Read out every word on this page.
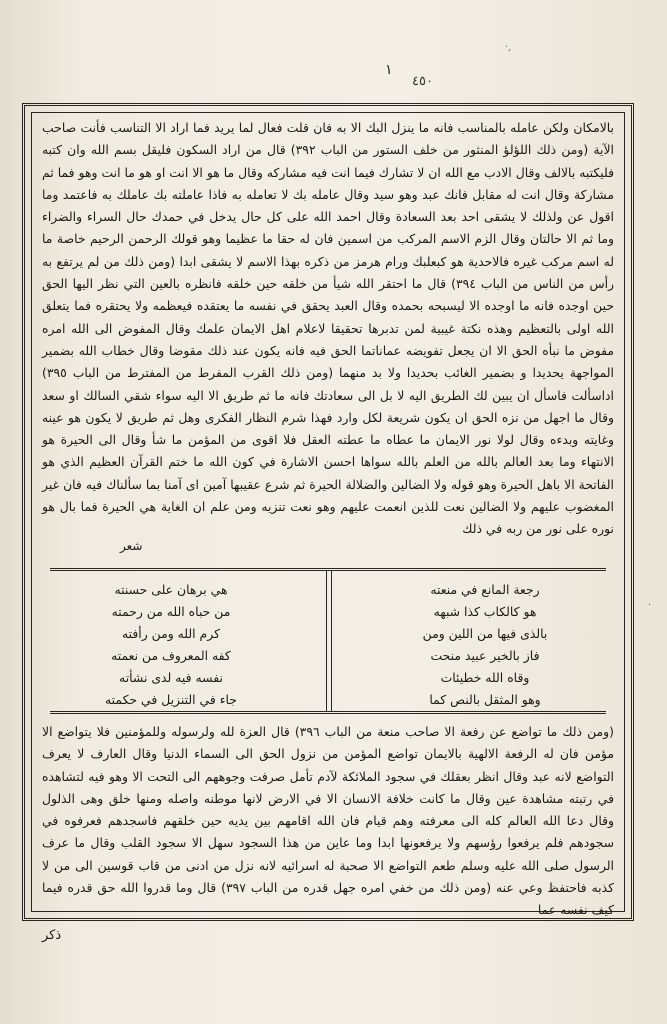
١
٤٥٠
·,
·
بالامكان ولكن عامله بالمناسب فانه ما ينزل البك الا به فان قلت فعال لما يريد فما اراد الا التناسب فأنت صاحب الآية (ومن ذلك اللؤلؤ المنثور من خلف الستور من الباب ٣٩٢) قال من اراد السكون فليقل بسم الله وان كتبه فليكتبه بالالف وقال الادب مع الله ان لا تشارك فيما انت فيه مشاركه وقال ما هو الا انت او هو ما انت وهو فما ثم مشاركة وقال انت له مقابل فانك عبد وهو سيد وقال عامله بك لا تعامله به فاذا عاملته بك عاملك به فاعتمد وما اقول عن ولذلك لا يشقى احد بعد السعادة وقال احمد الله على كل حال يدخل في حمدك حال السراء والضراء وما ثم الا حالتان وقال الزم الاسم المركب من اسمين فان له حقا ما عظيما وهو قولك الرحمن الرحيم خاصة ما له اسم مركب غيره فالاحدية هو كبعلبك ورام هرمز من ذكره بهذا الاسم لا يشقى ابدا (ومن ذلك من لم يرتفع به رأس من الناس من الباب ٣٩٤) قال ما احتقر الله شيأ من خلقه حين خلقه فانظره بالعين التي نظر اليها الحق حين اوجده فانه ما اوجده الا ليسبحه بحمده وقال العبد يحقق في نفسه ما يعتقده فيعظمه ولا يحتقره فما يتعلق الله اولى بالتعظيم وهذه نكتة غيبية لمن تدبرها تحقيقا لاعلام اهل الايمان علمك وقال المفوض الى الله امره مفوض ما نبأه الحق الا ان يجعل تفويضه عماناتما الحق فيه فانه يكون عند ذلك مقوضا وقال خطاب الله بضمير المواجهة يحديدا و بضمير الغائب بحديدا ولا بد منهما (ومن ذلك القرب المفرط من المفترط من الباب ٣٩٥) اداسألت فاسأل ان يبين لك الطريق اليه لا بل الى سعادتك فانه ما ثم طريق الا اليه سواء شقي السالك او سعد وقال ما اجهل من نزه الحق ان يكون شريعة لكل وارد فهذا شرم النظار الفكرى وهل ثم طريق لا يكون هو عينه وغايته وبدءه وقال لولا نور الايمان ما عطاه ما عطته العقل فلا اقوى من المؤمن ما شأ وقال الى الحيرة هو الانتهاء وما بعد العالم بالله من العلم بالله سواها احسن الاشارة في كون الله ما ختم القرآن العظيم الذي هو الفاتحة الا باهل الحيرة وهو قوله ولا الضالين والضلالة الحيرة ثم شرع عقيبها آمين اى آمنا بما سألناك فيه فان غير المغضوب عليهم ولا الضالين نعت للذين انعمت عليهم وهو نعت تنزيه ومن علم ان الغاية هي الحيرة فما بال هو نوره على نور من ربه في ذلك
شعر
رجعة المانع في منعته
هو كالكاب كذا شبهه
بالذى فيها من اللين ومن
فاز بالخير عبيد منحت
وقاه الله خطيئات
وهو المثقل بالنص كما
هي برهان على حسنته
من حباه الله من رحمته
كرم الله ومن رأفته
كفه المعروف من نعمته
نفسه فيه لدى نشأته
جاء في التنزيل في حكمته
(ومن ذلك ما تواضع عن رفعة الا صاحب منعة من الباب ٣٩٦) قال العزة لله ولرسوله وللمؤمنين فلا يتواضع الا مؤمن فان له الرفعة الالهية بالايمان تواضع المؤمن من نزول الحق الى السماء الدنيا وقال العارف لا يعرف التواضع لانه عبد وقال انظر بعقلك في سجود الملائكة لآدم تأمل صرفت وجوههم الى التحت الا وهو فيه لتشاهده في رتبته مشاهدة عين وقال ما كانت خلافة الانسان الا في الارض لانها موطنه واصله ومنها خلق وهى الذلول وقال دعا الله العالم كله الى معرفته وهم قيام فان الله اقامهم بين يديه حين خلقهم فاسجدهم فعرفوه في سجودهم فلم يرفعوا رؤسهم ولا يرفعونها ابدا وما عاين من هذا السجود سهل الا سجود القلب وقال ما عرف الرسول صلى الله عليه وسلم طعم التواضع الا صحبة له اسرائيه لانه نزل من ادنى من قاب قوسين الى من لا كذبه فاحتفظ وعي عنه (ومن ذلك من خفي امره جهل قدره من الباب ٣٩٧) قال وما قدروا الله حق قدره فيما كيف نفسه عما
ذكر
